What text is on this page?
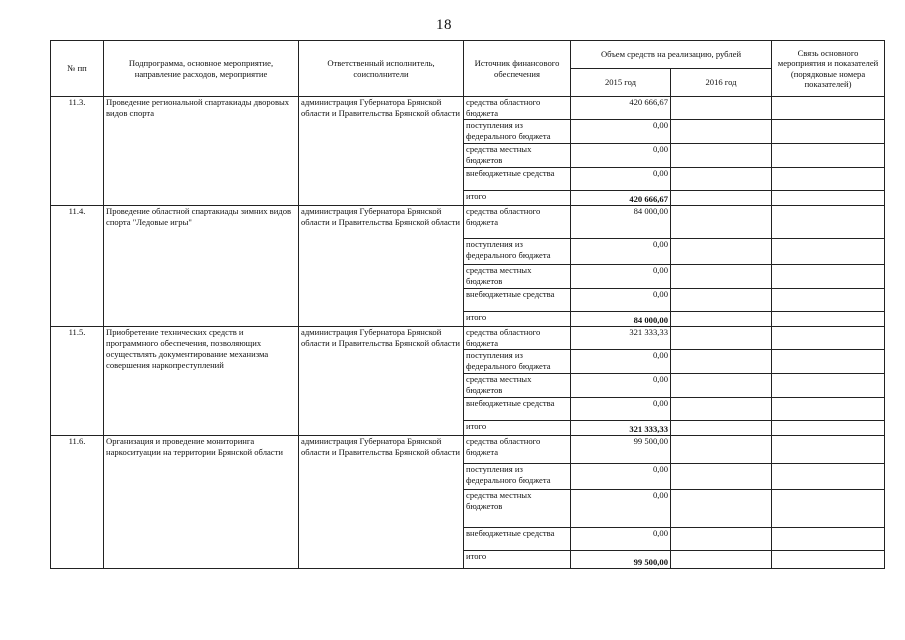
18
№ пп	Подпрограмма, основное мероприятие, направление расходов, мероприятие	Ответственный исполнитель, соисполнители	Источник финансового обеспечения	Объем средств на реализацию, рублей		Связь основного мероприятия и показателей (порядковые номера показателей)
				2015 год	2016 год	
11.3.	Проведение региональной спартакиады дворовых видов спорта	администрация Губернатора Брянской области и Правительства Брянской области	средства областного бюджета	420 666,67		
			поступления из федерального бюджета	0,00		
			средства местных бюджетов	0,00		
			внебюджетные средства	0,00		
			итого	420 666,67		
11.4.	Проведение областной спартакиады зимних видов спорта "Ледовые игры"	администрация Губернатора Брянской области и Правительства Брянской области	средства областного бюджета	84 000,00		
			поступления из федерального бюджета	0,00		
			средства местных бюджетов	0,00		
			внебюджетные средства	0,00		
			итого	84 000,00		
11.5.	Приобретение технических средств и программного обеспечения, позволяющих осуществлять документирование механизма совершения наркопреступлений	администрация Губернатора Брянской области и Правительства Брянской области	средства областного бюджета	321 333,33		
			поступления из федерального бюджета	0,00		
			средства местных бюджетов	0,00		
			внебюджетные средства	0,00		
			итого	321 333,33		
11.6.	Организация и проведение мониторинга наркоситуации на территории Брянской области	администрация Губернатора Брянской области и Правительства Брянской области	средства областного бюджета	99 500,00		
			поступления из федерального бюджета	0,00		
			средства местных бюджетов	0,00		
			внебюджетные средства	0,00		
			итого	99 500,00		
